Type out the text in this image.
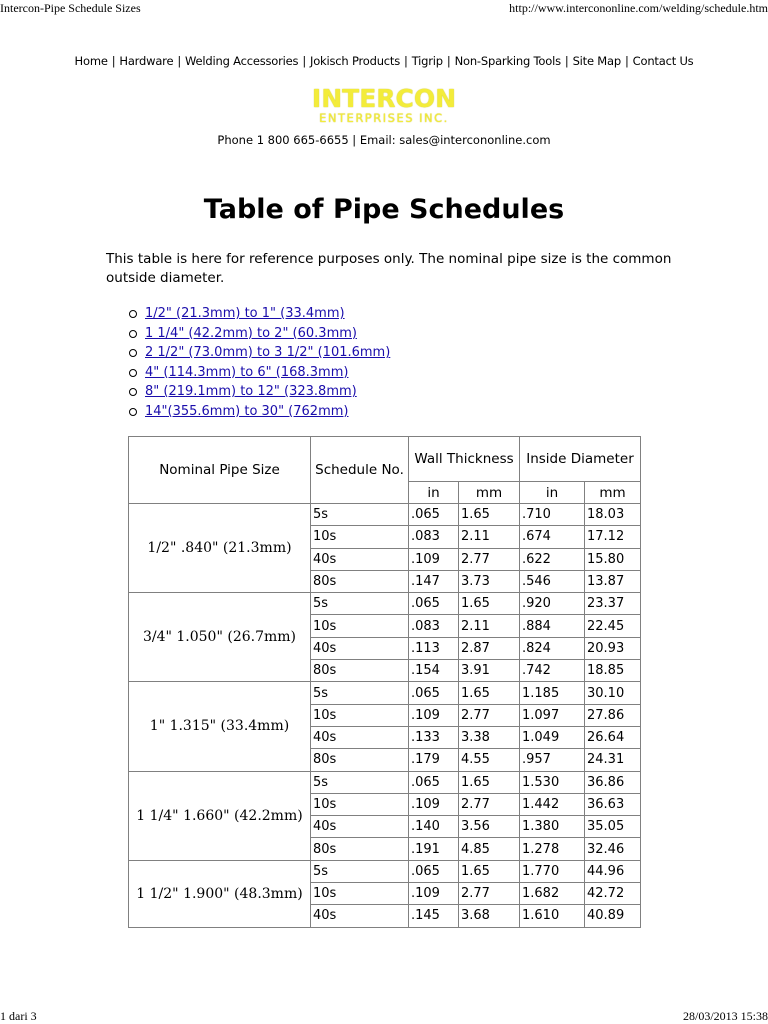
Intercon-Pipe Schedule Sizes	http://www.intercononline.com/welding/schedule.htm
Home | Hardware | Welding Accessories | Jokisch Products | Tigrip | Non-Sparking Tools | Site Map | Contact Us
INTERCON
ENTERPRISES INC.
Phone 1 800 665-6655 | Email: sales@intercononline.com
Table of Pipe Schedules

This table is here for reference purposes only. The nominal pipe size is the common outside diameter.

1/2" (21.3mm) to 1" (33.4mm)
1 1/4" (42.2mm) to 2" (60.3mm)
2 1/2" (73.0mm) to 3 1/2" (101.6mm)
4" (114.3mm) to 6" (168.3mm)
8" (219.1mm) to 12" (323.8mm)
14"(355.6mm) to 30" (762mm)
Nominal Pipe Size	Schedule No.	Wall Thickness		Inside Diameter	
		in	mm	in	mm
1/2" .840" (21.3mm)	5s	.065	1.65	.710	18.03
	10s	.083	2.11	.674	17.12
	40s	.109	2.77	.622	15.80
	80s	.147	3.73	.546	13.87
3/4" 1.050" (26.7mm)	5s	.065	1.65	.920	23.37
	10s	.083	2.11	.884	22.45
	40s	.113	2.87	.824	20.93
	80s	.154	3.91	.742	18.85
1" 1.315" (33.4mm)	5s	.065	1.65	1.185	30.10
	10s	.109	2.77	1.097	27.86
	40s	.133	3.38	1.049	26.64
	80s	.179	4.55	.957	24.31
1 1/4" 1.660" (42.2mm)	5s	.065	1.65	1.530	36.86
	10s	.109	2.77	1.442	36.63
	40s	.140	3.56	1.380	35.05
	80s	.191	4.85	1.278	32.46
1 1/2" 1.900" (48.3mm)	5s	.065	1.65	1.770	44.96
	10s	.109	2.77	1.682	42.72
	40s	.145	3.68	1.610	40.89
1 dari 3	28/03/2013 15:38
